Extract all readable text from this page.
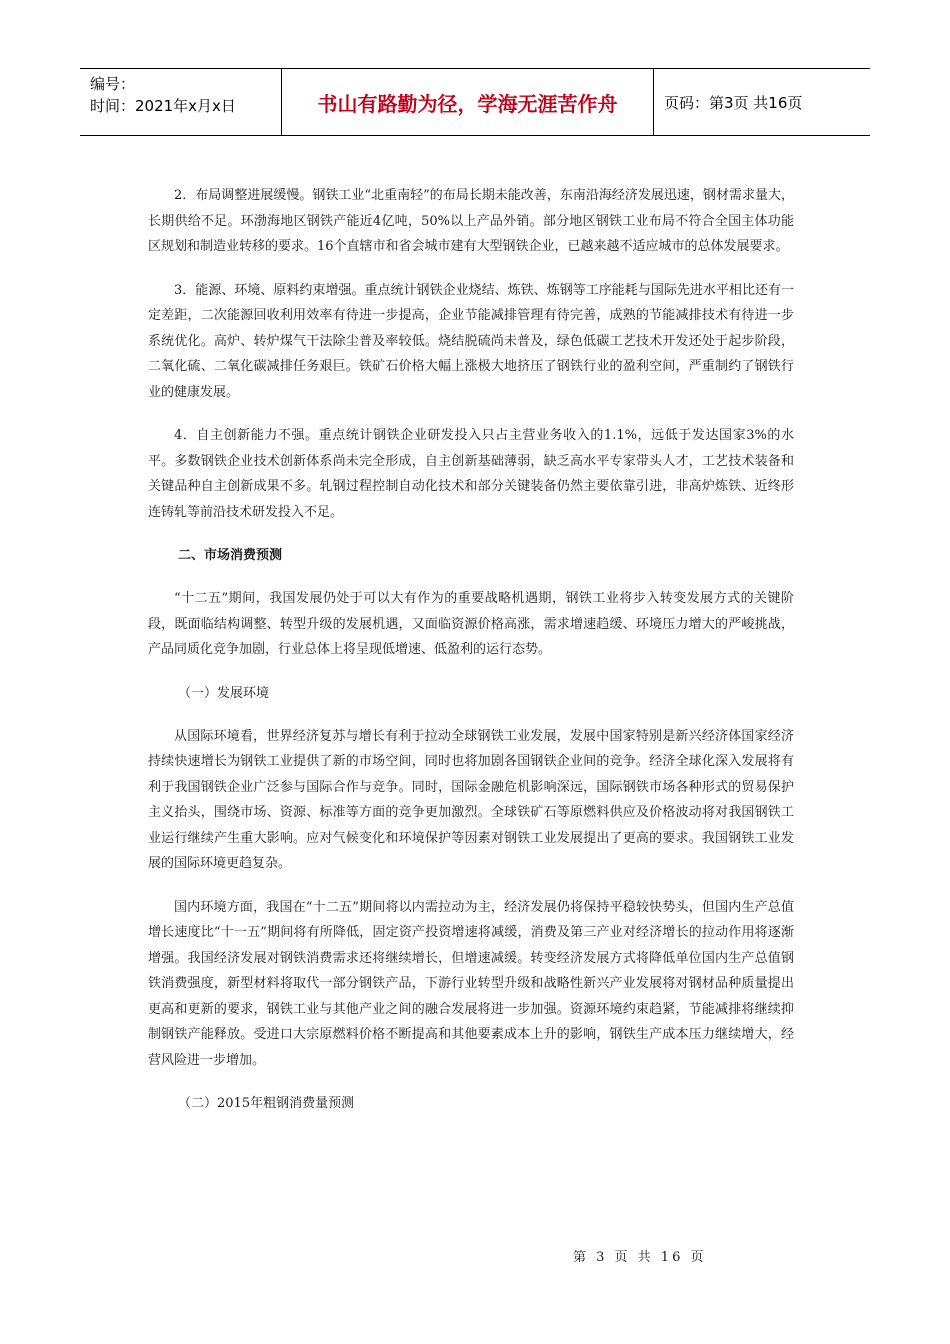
编号：
时间：2021年x月x日	书山有路勤为径，学海无涯苦作舟	页码：第3页 共16页

2．布局调整进展缓慢。钢铁工业“北重南轻”的布局长期未能改善，东南沿海经济发展迅速，钢材需求量大，长期供给不足。环渤海地区钢铁产能近4亿吨，50%以上产品外销。部分地区钢铁工业布局不符合全国主体功能区规划和制造业转移的要求。16个直辖市和省会城市建有大型钢铁企业，已越来越不适应城市的总体发展要求。

3．能源、环境、原料约束增强。重点统计钢铁企业烧结、炼铁、炼钢等工序能耗与国际先进水平相比还有一定差距，二次能源回收利用效率有待进一步提高，企业节能减排管理有待完善，成熟的节能减排技术有待进一步系统优化。高炉、转炉煤气干法除尘普及率较低。烧结脱硫尚未普及，绿色低碳工艺技术开发还处于起步阶段，二氧化硫、二氧化碳减排任务艰巨。铁矿石价格大幅上涨极大地挤压了钢铁行业的盈利空间，严重制约了钢铁行业的健康发展。

4．自主创新能力不强。重点统计钢铁企业研发投入只占主营业务收入的1.1%，远低于发达国家3%的水平。多数钢铁企业技术创新体系尚未完全形成，自主创新基础薄弱，缺乏高水平专家带头人才，工艺技术装备和关键品种自主创新成果不多。轧钢过程控制自动化技术和部分关键装备仍然主要依靠引进，非高炉炼铁、近终形连铸轧等前沿技术研发投入不足。

二、市场消费预测

“十二五”期间，我国发展仍处于可以大有作为的重要战略机遇期，钢铁工业将步入转变发展方式的关键阶段，既面临结构调整、转型升级的发展机遇，又面临资源价格高涨，需求增速趋缓、环境压力增大的严峻挑战，产品同质化竞争加剧，行业总体上将呈现低增速、低盈利的运行态势。

（一）发展环境

从国际环境看，世界经济复苏与增长有利于拉动全球钢铁工业发展，发展中国家特别是新兴经济体国家经济持续快速增长为钢铁工业提供了新的市场空间，同时也将加剧各国钢铁企业间的竞争。经济全球化深入发展将有利于我国钢铁企业广泛参与国际合作与竞争。同时，国际金融危机影响深远，国际钢铁市场各种形式的贸易保护主义抬头，围绕市场、资源、标准等方面的竞争更加激烈。全球铁矿石等原燃料供应及价格波动将对我国钢铁工业运行继续产生重大影响。应对气候变化和环境保护等因素对钢铁工业发展提出了更高的要求。我国钢铁工业发展的国际环境更趋复杂。

国内环境方面，我国在“十二五”期间将以内需拉动为主，经济发展仍将保持平稳较快势头，但国内生产总值增长速度比“十一五”期间将有所降低，固定资产投资增速将减缓，消费及第三产业对经济增长的拉动作用将逐渐增强。我国经济发展对钢铁消费需求还将继续增长，但增速减缓。转变经济发展方式将降低单位国内生产总值钢铁消费强度，新型材料将取代一部分钢铁产品，下游行业转型升级和战略性新兴产业发展将对钢材品种质量提出更高和更新的要求，钢铁工业与其他产业之间的融合发展将进一步加强。资源环境约束趋紧，节能减排将继续抑制钢铁产能释放。受进口大宗原燃料价格不断提高和其他要素成本上升的影响，钢铁生产成本压力继续增大，经营风险进一步增加。

（二）2015年粗钢消费量预测

第 3 页 共 16 页
